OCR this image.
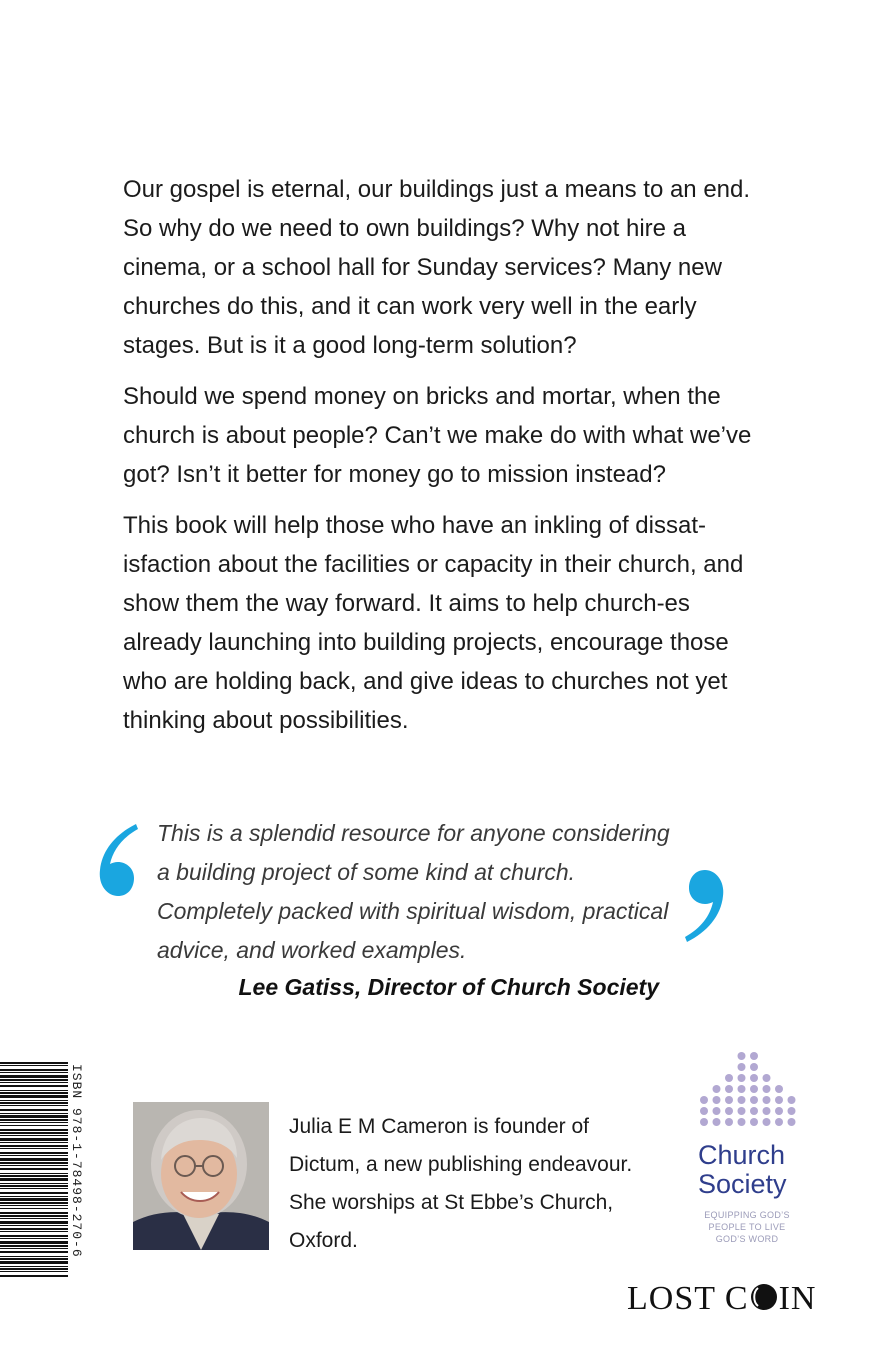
Our gospel is eternal, our buildings just a means to an end. So why do we need to own buildings? Why not hire a cinema, or a school hall for Sunday services? Many new churches do this, and it can work very well in the early stages. But is it a good long-term solution?

Should we spend money on bricks and mortar, when the church is about people? Can’t we make do with what we’ve got? Isn’t it better for money go to mission instead?

This book will help those who have an inkling of dissat-isfaction about the facilities or capacity in their church, and show them the way forward. It aims to help church-es already launching into building projects, encourage those who are holding back, and give ideas to churches not yet thinking about possibilities.

This is a splendid resource for anyone considering a building project of some kind at church. Completely packed with spiritual wisdom, practical advice, and worked examples.
Lee Gatiss, Director of Church Society
ISBN 978-1-78498-270-6	Julia E M Cameron is founder of Dictum, a new publishing endeavour. She worships at St Ebbe’s Church, Oxford.
Church
Society
EQUIPPING GOD’S PEOPLE TO LIVE GOD’S WORD
LOST C IN
